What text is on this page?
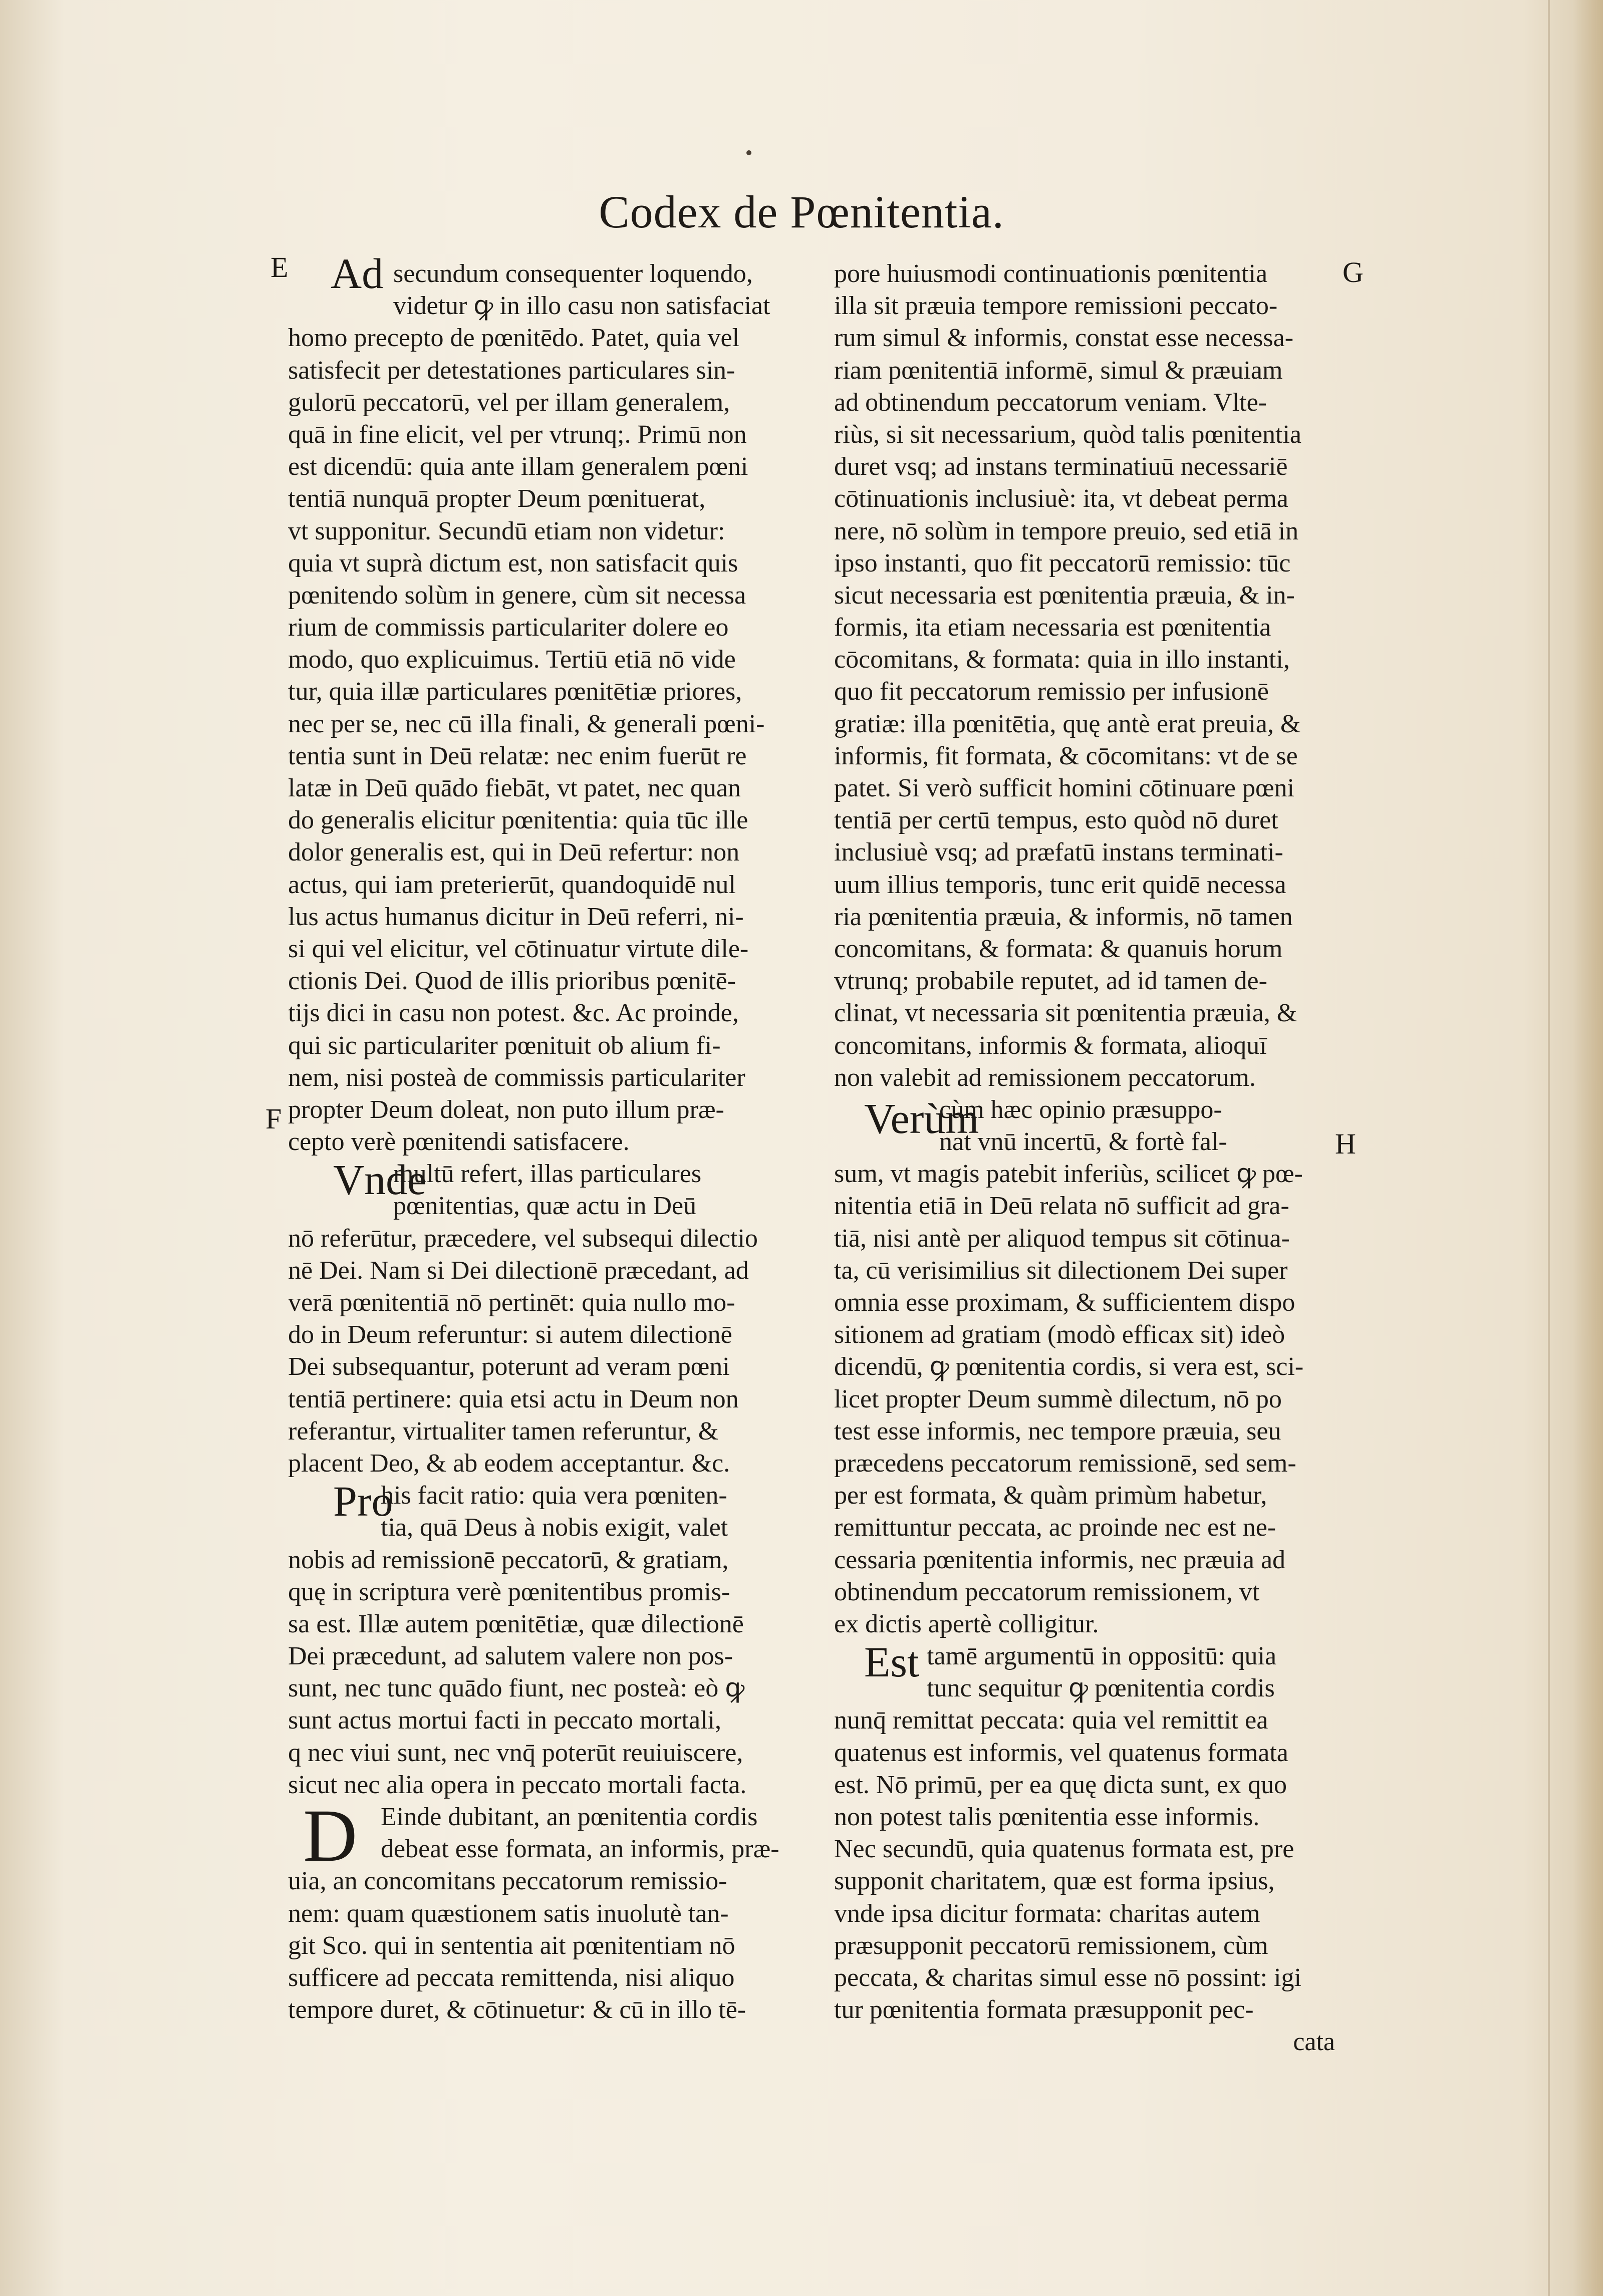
Codex de Pœnitentia.
E
F
G
H
Ad secundum consequenter loquendo,
videtur ꝙ in illo casu non satisfaciat
homo precepto de pœnitēdo. Patet, quia vel
satisfecit per detestationes particulares sin-
gulorū peccatorū, vel per illam generalem,
quā in fine elicit, vel per vtrunq;. Primū non
est dicendū: quia ante illam generalem pœni
tentiā nunquā propter Deum pœnituerat,
vt supponitur. Secundū etiam non videtur:
quia vt suprà dictum est, non satisfacit quis
pœnitendo solùm in genere, cùm sit necessa
rium de commissis particulariter dolere eo
modo, quo explicuimus. Tertiū etiā nō vide
tur, quia illæ particulares pœnitētiæ priores,
nec per se, nec cū illa finali, & generali pœni-
tentia sunt in Deū relatæ: nec enim fuerūt re
latæ in Deū quādo fiebāt, vt patet, nec quan
do generalis elicitur pœnitentia: quia tūc ille
dolor generalis est, qui in Deū refertur: non
actus, qui iam preterierūt, quandoquidē nul
lus actus humanus dicitur in Deū referri, ni-
si qui vel elicitur, vel cōtinuatur virtute dile-
ctionis Dei. Quod de illis prioribus pœnitē-
tijs dici in casu non potest. &c. Ac proinde,
qui sic particulariter pœnituit ob alium fi-
nem, nisi posteà de commissis particulariter
propter Deum doleat, non puto illum præ-
cepto verè pœnitendi satisfacere.
Vnde
multū refert, illas particulares
pœnitentias, quæ actu in Deū
nō referūtur, præcedere, vel subsequi dilectio
nē Dei. Nam si Dei dilectionē præcedant, ad
verā pœnitentiā nō pertinēt: quia nullo mo-
do in Deum referuntur: si autem dilectionē
Dei subsequantur, poterunt ad veram pœni
tentiā pertinere: quia etsi actu in Deum non
referantur, virtualiter tamen referuntur, &
placent Deo, & ab eodem acceptantur. &c.
Pro
his facit ratio: quia vera pœniten-
tia, quā Deus à nobis exigit, valet
nobis ad remissionē peccatorū, & gratiam,
quę in scriptura verè pœnitentibus promis-
sa est. Illæ autem pœnitētiæ, quæ dilectionē
Dei præcedunt, ad salutem valere non pos-
sunt, nec tunc quādo fiunt, nec posteà: eò ꝙ
sunt actus mortui facti in peccato mortali,
q nec viui sunt, nec vnq̄ poterūt reuiuiscere,
sicut nec alia opera in peccato mortali facta.
D Einde dubitant, an pœnitentia cordis
debeat esse formata, an informis, præ-
uia, an concomitans peccatorum remissio-
nem: quam quæstionem satis inuolutè tan-
git Sco. qui in sententia ait pœnitentiam nō
sufficere ad peccata remittenda, nisi aliquo
tempore duret, & cōtinuetur: & cū in illo tē-
pore huiusmodi continuationis pœnitentia
illa sit præuia tempore remissioni peccato-
rum simul & informis, constat esse necessa-
riam pœnitentiā informē, simul & præuiam
ad obtinendum peccatorum veniam. Vlte-
riùs, si sit necessarium, quòd talis pœnitentia
duret vsq; ad instans terminatiuū necessariē
cōtinuationis inclusiuè: ita, vt debeat perma
nere, nō solùm in tempore preuio, sed etiā in
ipso instanti, quo fit peccatorū remissio: tūc
sicut necessaria est pœnitentia præuia, & in-
formis, ita etiam necessaria est pœnitentia
cōcomitans, & formata: quia in illo instanti,
quo fit peccatorum remissio per infusionē
gratiæ: illa pœnitētia, quę antè erat preuia, &
informis, fit formata, & cōcomitans: vt de se
patet. Si verò sufficit homini cōtinuare pœni
tentiā per certū tempus, esto quòd nō duret
inclusiuè vsq; ad præfatū instans terminati-
uum illius temporis, tunc erit quidē necessa
ria pœnitentia præuia, & informis, nō tamen
concomitans, & formata: & quanuis horum
vtrunq; probabile reputet, ad id tamen de-
clinat, vt necessaria sit pœnitentia præuia, &
concomitans, informis & formata, alioquī
non valebit ad remissionem peccatorum.
Verùm
cùm hæc opinio præsuppo-
nat vnū incertū, & fortè fal-
sum, vt magis patebit inferiùs, scilicet ꝙ pœ-
nitentia etiā in Deū relata nō sufficit ad gra-
tiā, nisi antè per aliquod tempus sit cōtinua-
ta, cū verisimilius sit dilectionem Dei super
omnia esse proximam, & sufficientem dispo
sitionem ad gratiam (modò efficax sit) ideò
dicendū, ꝙ pœnitentia cordis, si vera est, sci-
licet propter Deum summè dilectum, nō po
test esse informis, nec tempore præuia, seu
præcedens peccatorum remissionē, sed sem-
per est formata, & quàm primùm habetur,
remittuntur peccata, ac proinde nec est ne-
cessaria pœnitentia informis, nec præuia ad
obtinendum peccatorum remissionem, vt
ex dictis apertè colligitur.
Est tamē argumentū in oppositū: quia
tunc sequitur ꝙ pœnitentia cordis
nunq̄ remittat peccata: quia vel remittit ea
quatenus est informis, vel quatenus formata
est. Nō primū, per ea quę dicta sunt, ex quo
non potest talis pœnitentia esse informis.
Nec secundū, quia quatenus formata est, pre
supponit charitatem, quæ est forma ipsius,
vnde ipsa dicitur formata: charitas autem
præsupponit peccatorū remissionem, cùm
peccata, & charitas simul esse nō possint: igi
tur pœnitentia formata præsupponit pec-
cata
